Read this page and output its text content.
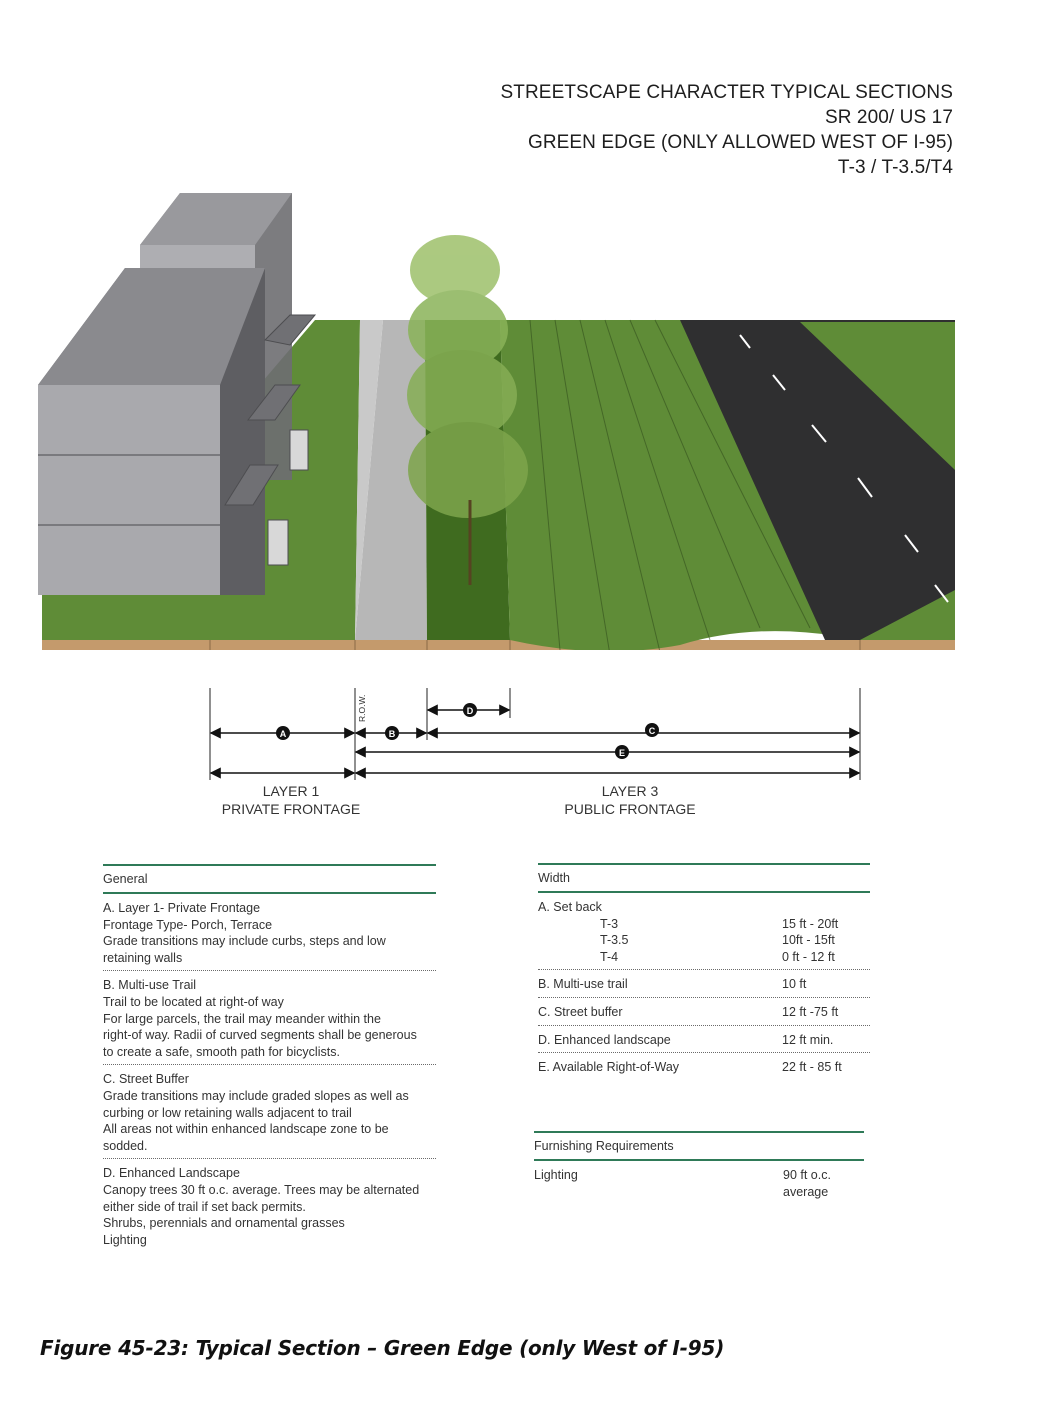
STREETSCAPE CHARACTER TYPICAL SECTIONS
SR 200/ US 17
GREEN EDGE (ONLY ALLOWED WEST OF I-95)
T-3 / T-3.5/T4
D
A	B	C
E
R.O.W.
LAYER 1
PRIVATE FRONTAGE
LAYER 3
PUBLIC FRONTAGE
General

A. Layer 1- Private Frontage

Frontage Type- Porch, Terrace

Grade transitions may include curbs, steps and low

retaining walls

B. Multi-use Trail

Trail to be located at right-of way

For large parcels, the trail may meander within the

right-of way. Radii of curved segments shall be generous

to create a safe, smooth path for bicyclists.

C. Street Buffer

Grade transitions may include graded slopes as well as

curbing or low retaining walls adjacent to trail

All areas not within enhanced landscape zone to be

sodded.

D. Enhanced Landscape

Canopy trees 30 ft o.c. average. Trees may be alternated

either side of trail if set back permits.

Shrubs, perennials and ornamental grasses

Lighting

Width
A. Set back
T-3	15 ft - 20ft
T-3.5	10ft - 15ft
T-4	0 ft - 12 ft
B. Multi-use trail	10 ft
C. Street buffer	12 ft -75 ft
D. Enhanced landscape	12 ft min.
E. Available Right-of-Way	22 ft - 85 ft
Furnishing Requirements
Lighting	90 ft o.c. average
Figure 45-23: Typical Section – Green Edge (only West of I-95)
